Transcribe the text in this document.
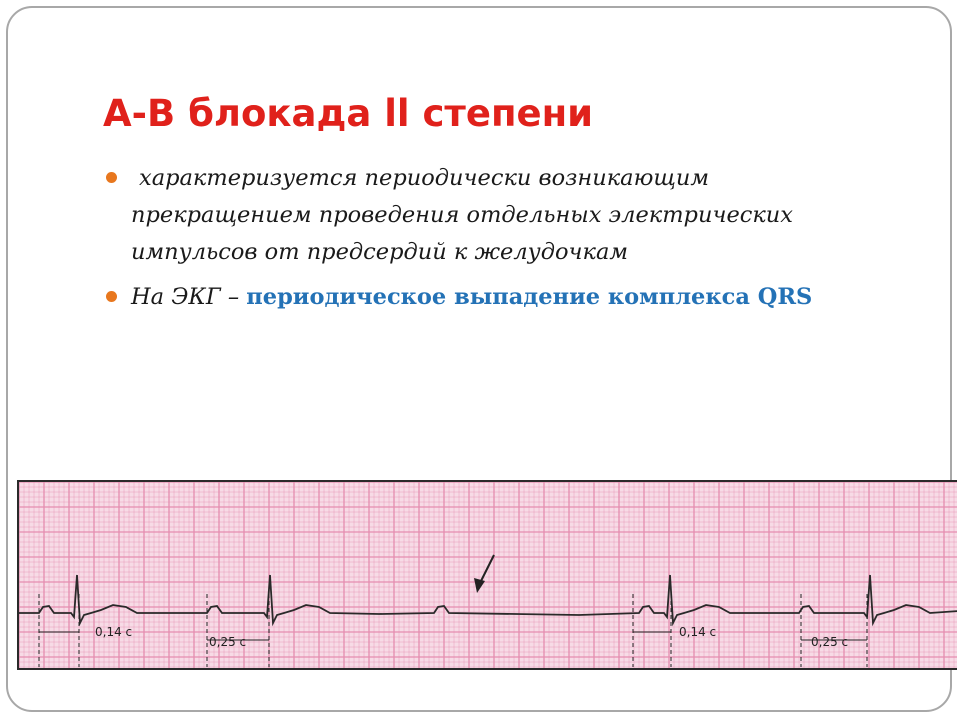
А-В блокада ll степени
характеризуется периодически возникающим прекращением проведения отдельных электрических импульсов от предсердий к желудочкам
На ЭКГ – периодическое выпадение комплекса QRS
0,14 с
0,25 с
0,14 с
0,25 с
